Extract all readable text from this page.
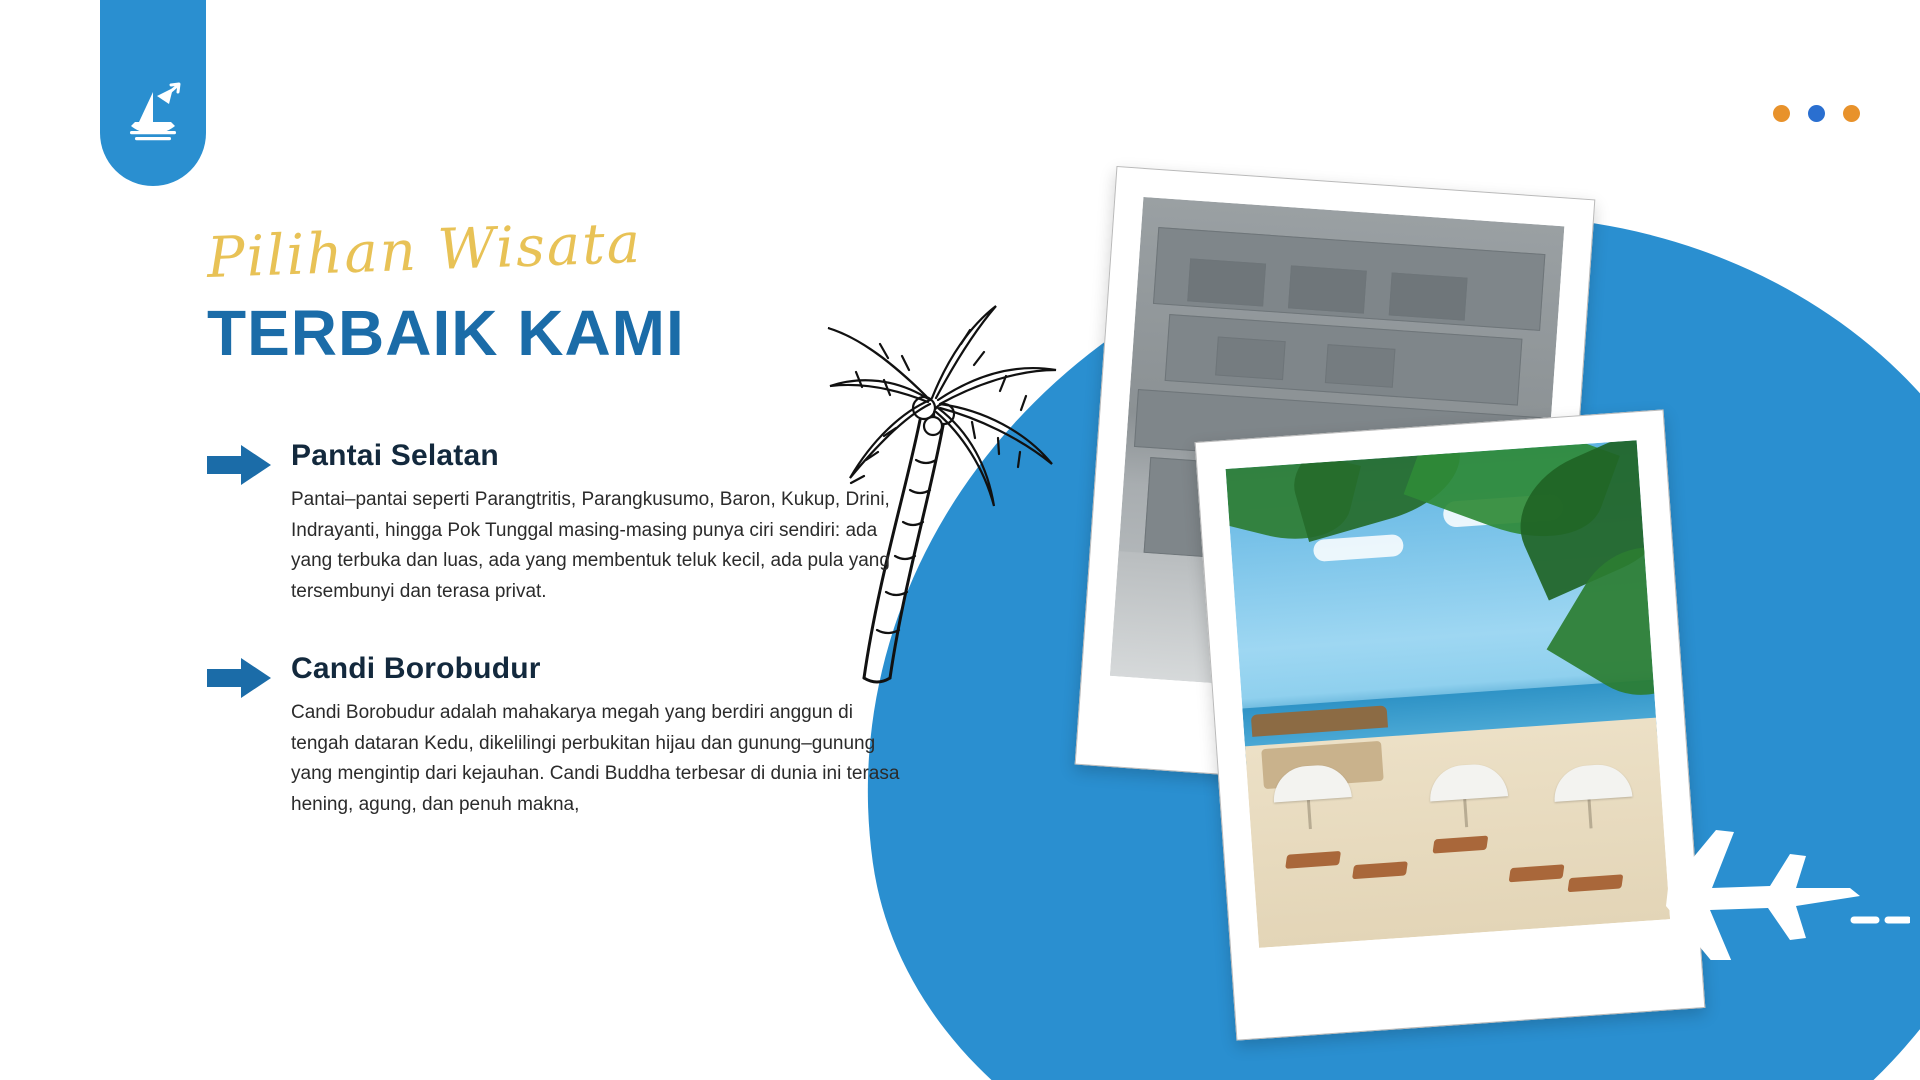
Pilihan Wisata
TERBAIK KAMI
Pantai Selatan

Pantai–pantai seperti Parangtritis, Parangkusumo, Baron, Kukup, Drini, Indrayanti, hingga Pok Tunggal masing-masing punya ciri sendiri: ada yang terbuka dan luas, ada yang membentuk teluk kecil, ada pula yang tersembunyi dan terasa privat.

Candi Borobudur

Candi Borobudur adalah mahakarya megah yang berdiri anggun di tengah dataran Kedu, dikelilingi perbukitan hijau dan gunung–gunung yang mengintip dari kejauhan. Candi Buddha terbesar di dunia ini terasa hening, agung, dan penuh makna,
